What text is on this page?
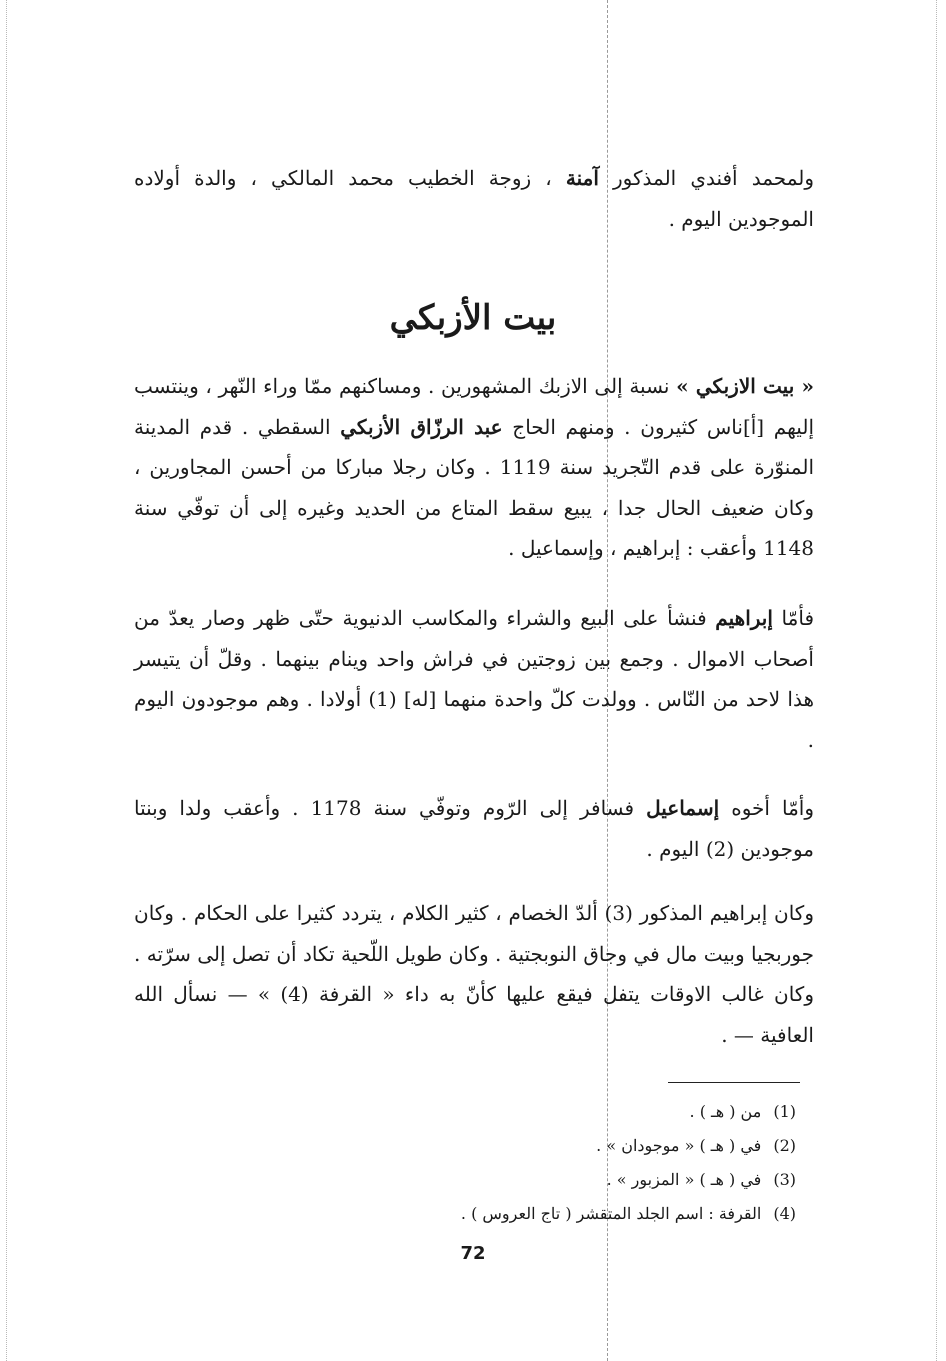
ولمحمد أفندي المذكور آمنة ، زوجة الخطيب محمد المالكي ، والدة أولاده الموجودين اليوم .

بيت الأزبكي

« بيت الازبكي » نسبة إلى الازبك المشهورين . ومساكنهم ممّا وراء النّهر ، وينتسب إليهم [أ]ناس كثيرون . ومنهم الحاج عبد الرزّاق الأزبكي السقطي . قدم المدينة المنوّرة على قدم التّجريد سنة 1119 . وكان رجلا مباركا من أحسن المجاورين ، وكان ضعيف الحال جدا ، يبيع سقط المتاع من الحديد وغيره إلى أن توفّي سنة 1148 وأعقب : إبراهيم ، وإسماعيل .

فأمّا إبراهيم فنشأ على البيع والشراء والمكاسب الدنيوية حتّى ظهر وصار يعدّ من أصحاب الاموال . وجمع بين زوجتين في فراش واحد وينام بينهما . وقلّ أن يتيسر هذا لاحد من النّاس . وولدت كلّ واحدة منهما [له] (1) أولادا . وهم موجودون اليوم .

وأمّا أخوه إسماعيل فسافر إلى الرّوم وتوفّي سنة 1178 . وأعقب ولدا وبنتا موجودين (2) اليوم .

وكان إبراهيم المذكور (3) ألدّ الخصام ، كثير الكلام ، يتردد كثيرا على الحكام . وكان جوربجيا وبيت مال في وجاق النوبجتية . وكان طويل اللّحية تكاد أن تصل إلى سرّته . وكان غالب الاوقات يتفل فيقع عليها كأنّ به داء « القرفة (4) » — نسأل الله العافية — .

(1)من ( هـ ) .
(2)في ( هـ ) « موجودان » .
(3)في ( هـ ) « المزبور » .
(4)القرفة : اسم الجلد المتقشر ( تاج العروس ) .
72
